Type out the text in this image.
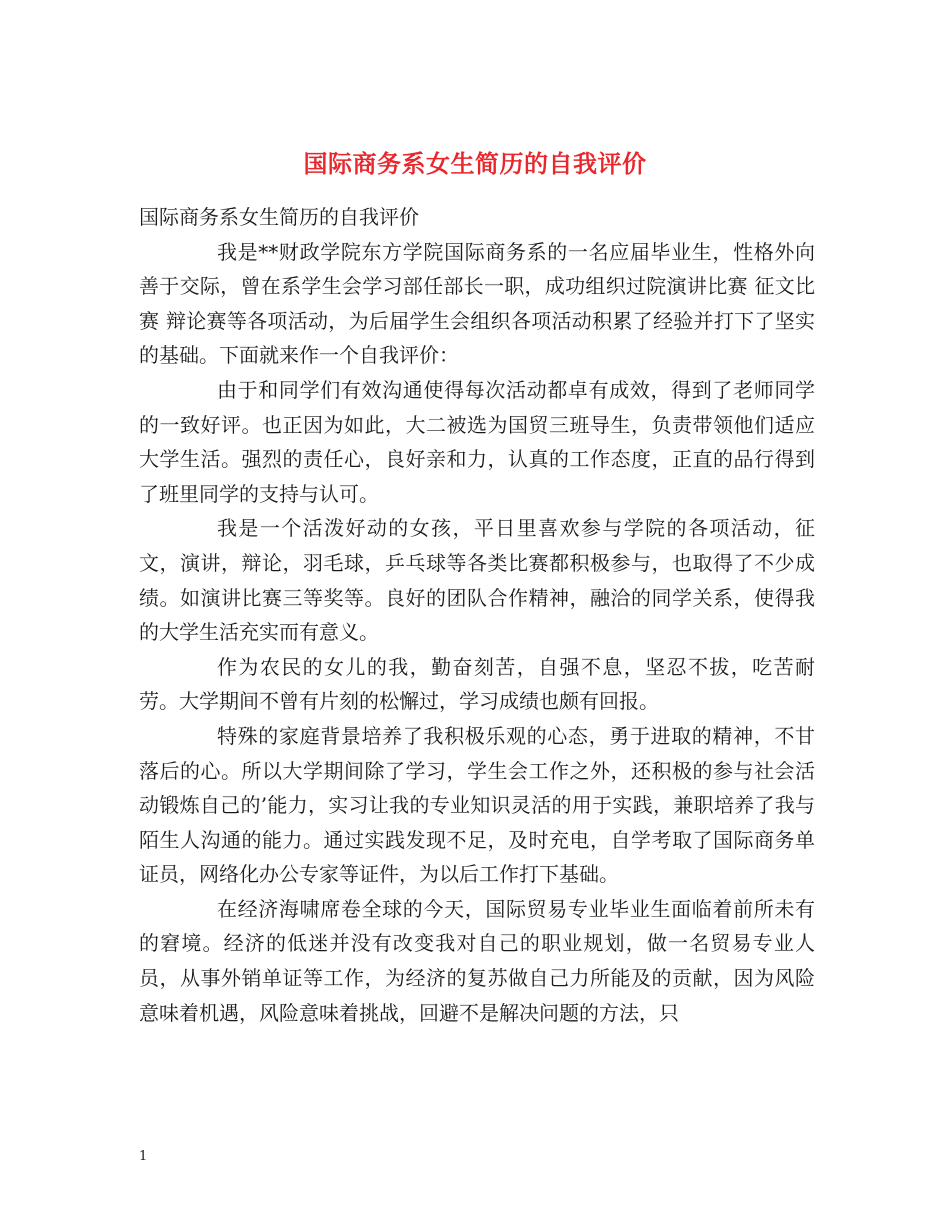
国际商务系女生简历的自我评价

国际商务系女生简历的自我评价

我是**财政学院东方学院国际商务系的一名应届毕业生，性格外向善于交际，曾在系学生会学习部任部长一职，成功组织过院演讲比赛 征文比赛 辩论赛等各项活动，为后届学生会组织各项活动积累了经验并打下了坚实的基础。下面就来作一个自我评价：

由于和同学们有效沟通使得每次活动都卓有成效，得到了老师同学的一致好评。也正因为如此，大二被选为国贸三班导生，负责带领他们适应大学生活。强烈的责任心，良好亲和力，认真的工作态度，正直的品行得到了班里同学的支持与认可。

我是一个活泼好动的女孩，平日里喜欢参与学院的各项活动，征文，演讲，辩论，羽毛球，乒乓球等各类比赛都积极参与，也取得了不少成绩。如演讲比赛三等奖等。良好的团队合作精神，融洽的同学关系，使得我的大学生活充实而有意义。

作为农民的女儿的我，勤奋刻苦，自强不息，坚忍不拔，吃苦耐劳。大学期间不曾有片刻的松懈过，学习成绩也颇有回报。

特殊的家庭背景培养了我积极乐观的心态，勇于进取的精神，不甘落后的心。所以大学期间除了学习，学生会工作之外，还积极的参与社会活动锻炼自己的’能力，实习让我的专业知识灵活的用于实践，兼职培养了我与陌生人沟通的能力。通过实践发现不足，及时充电，自学考取了国际商务单证员，网络化办公专家等证件，为以后工作打下基础。

在经济海啸席卷全球的今天，国际贸易专业毕业生面临着前所未有的窘境。经济的低迷并没有改变我对自己的职业规划，做一名贸易专业人员，从事外销单证等工作，为经济的复苏做自己力所能及的贡献，因为风险意味着机遇，风险意味着挑战，回避不是解决问题的方法，只

1
